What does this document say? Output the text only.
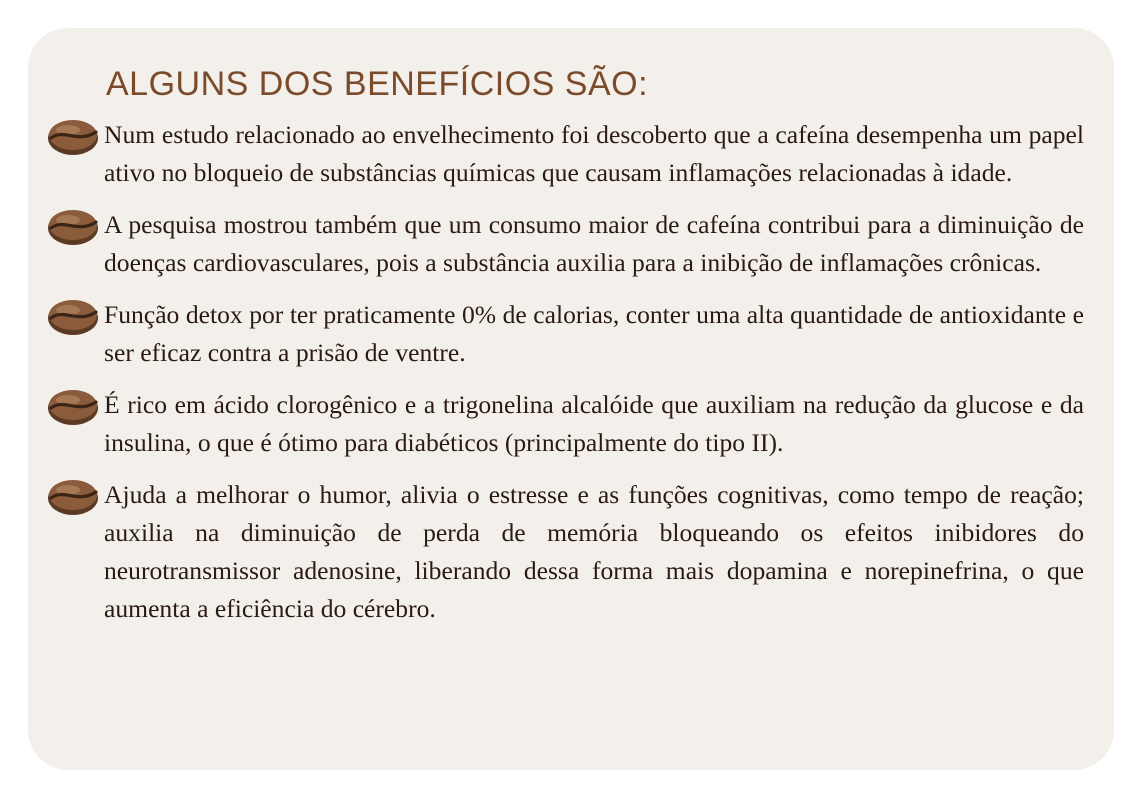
ALGUNS DOS BENEFÍCIOS SÃO:

Num estudo relacionado ao envelhecimento foi descoberto que a cafeína desempenha um papel ativo no bloqueio de substâncias químicas que causam inflamações relacionadas à idade.

A pesquisa mostrou também que um consumo maior de cafeína contribui para a diminuição de doenças cardiovasculares, pois a substância auxilia para a inibição de inflamações crônicas.

Função detox por ter praticamente 0% de calorias, conter uma alta quantidade de antioxidante e ser eficaz contra a prisão de ventre.

É rico em ácido clorogênico e a trigonelina alcalóide que auxiliam na redução da glucose e da insulina, o que é ótimo para diabéticos (principalmente do tipo II).

Ajuda a melhorar o humor, alivia o estresse e as funções cognitivas, como tempo de reação; auxilia na diminuição de perda de memória bloqueando os efeitos inibidores do neurotransmissor adenosine, liberando dessa forma mais dopamina e norepinefrina, o que aumenta a eficiência do cérebro.
